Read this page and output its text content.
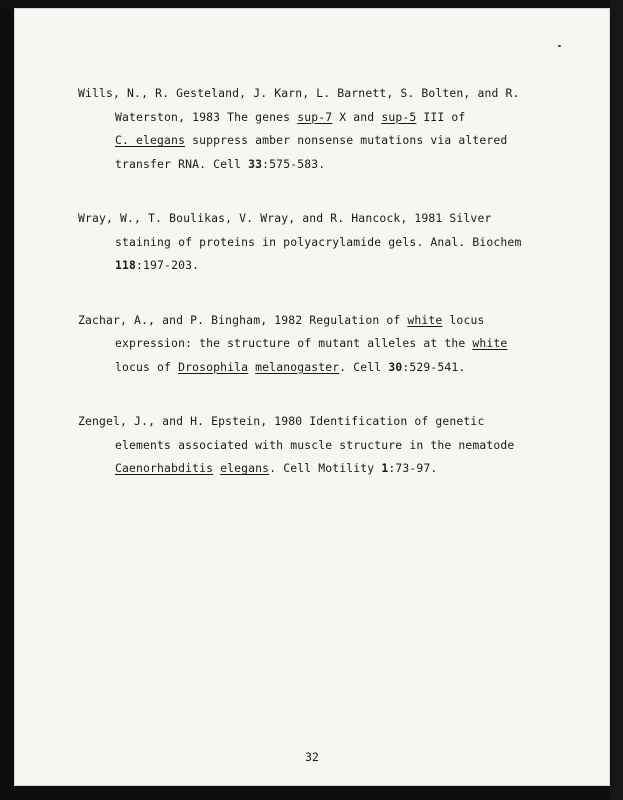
Wills, N., R. Gesteland, J. Karn, L. Barnett, S. Bolten, and R.
Waterston, 1983 The genes sup-7 X and sup-5 III of
C. elegans suppress amber nonsense mutations via altered
transfer RNA. Cell 33:575-583.
Wray, W., T. Boulikas, V. Wray, and R. Hancock, 1981 Silver
staining of proteins in polyacrylamide gels. Anal. Biochem
118:197-203.
Zachar, A., and P. Bingham, 1982 Regulation of white locus
expression: the structure of mutant alleles at the white
locus of Drosophila melanogaster. Cell 30:529-541.
Zengel, J., and H. Epstein, 1980 Identification of genetic
elements associated with muscle structure in the nematode
Caenorhabditis elegans. Cell Motility 1:73-97.
32
